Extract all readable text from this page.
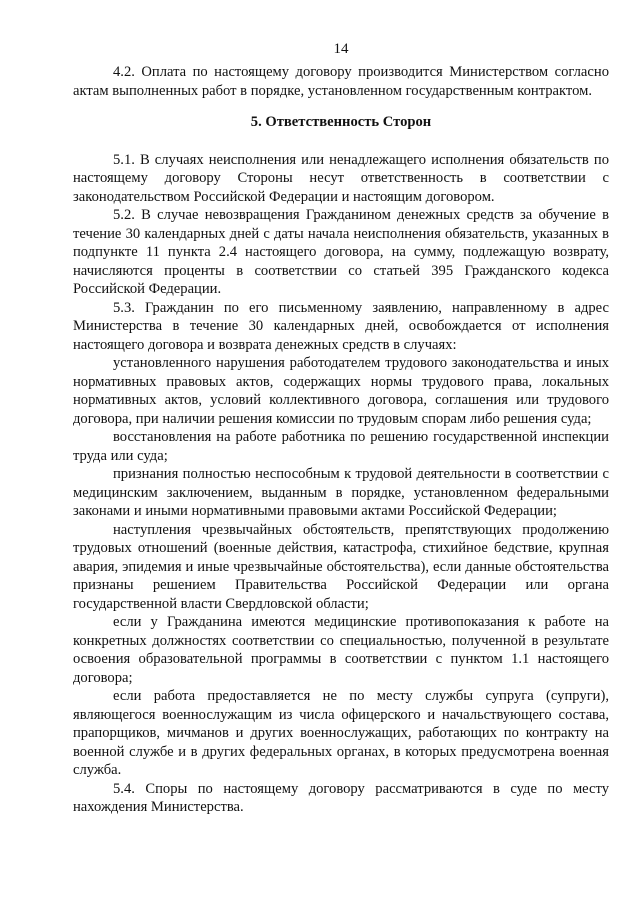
14

4.2. Оплата по настоящему договору производится Министерством согласно актам выполненных работ в порядке, установленном государственным контрактом.

5. Ответственность Сторон

5.1. В случаях неисполнения или ненадлежащего исполнения обязательств по настоящему договору Стороны несут ответственность в соответствии с законодательством Российской Федерации и настоящим договором.

5.2. В случае невозвращения Гражданином денежных средств за обучение в течение 30 календарных дней с даты начала неисполнения обязательств, указанных в подпункте 11 пункта 2.4 настоящего договора, на сумму, подлежащую возврату, начисляются проценты в соответствии со статьей 395 Гражданского кодекса Российской Федерации.

5.3. Гражданин по его письменному заявлению, направленному в адрес Министерства в течение 30 календарных дней, освобождается от исполнения настоящего договора и возврата денежных средств в случаях:

установленного нарушения работодателем трудового законодательства и иных нормативных правовых актов, содержащих нормы трудового права, локальных нормативных актов, условий коллективного договора, соглашения или трудового договора, при наличии решения комиссии по трудовым спорам либо решения суда;

восстановления на работе работника по решению государственной инспекции труда или суда;

признания полностью неспособным к трудовой деятельности в соответствии с медицинским заключением, выданным в порядке, установленном федеральными законами и иными нормативными правовыми актами Российской Федерации;

наступления чрезвычайных обстоятельств, препятствующих продолжению трудовых отношений (военные действия, катастрофа, стихийное бедствие, крупная авария, эпидемия и иные чрезвычайные обстоятельства), если данные обстоятельства признаны решением Правительства Российской Федерации или органа государственной власти Свердловской области;

если у Гражданина имеются медицинские противопоказания к работе на конкретных должностях соответствии со специальностью, полученной в результате освоения образовательной программы в соответствии с пунктом 1.1 настоящего договора;

если работа предоставляется не по месту службы супруга (супруги), являющегося военнослужащим из числа офицерского и начальствующего состава, прапорщиков, мичманов и других военнослужащих, работающих по контракту на военной службе и в других федеральных органах, в которых предусмотрена военная служба.

5.4. Споры по настоящему договору рассматриваются в суде по месту нахождения Министерства.
